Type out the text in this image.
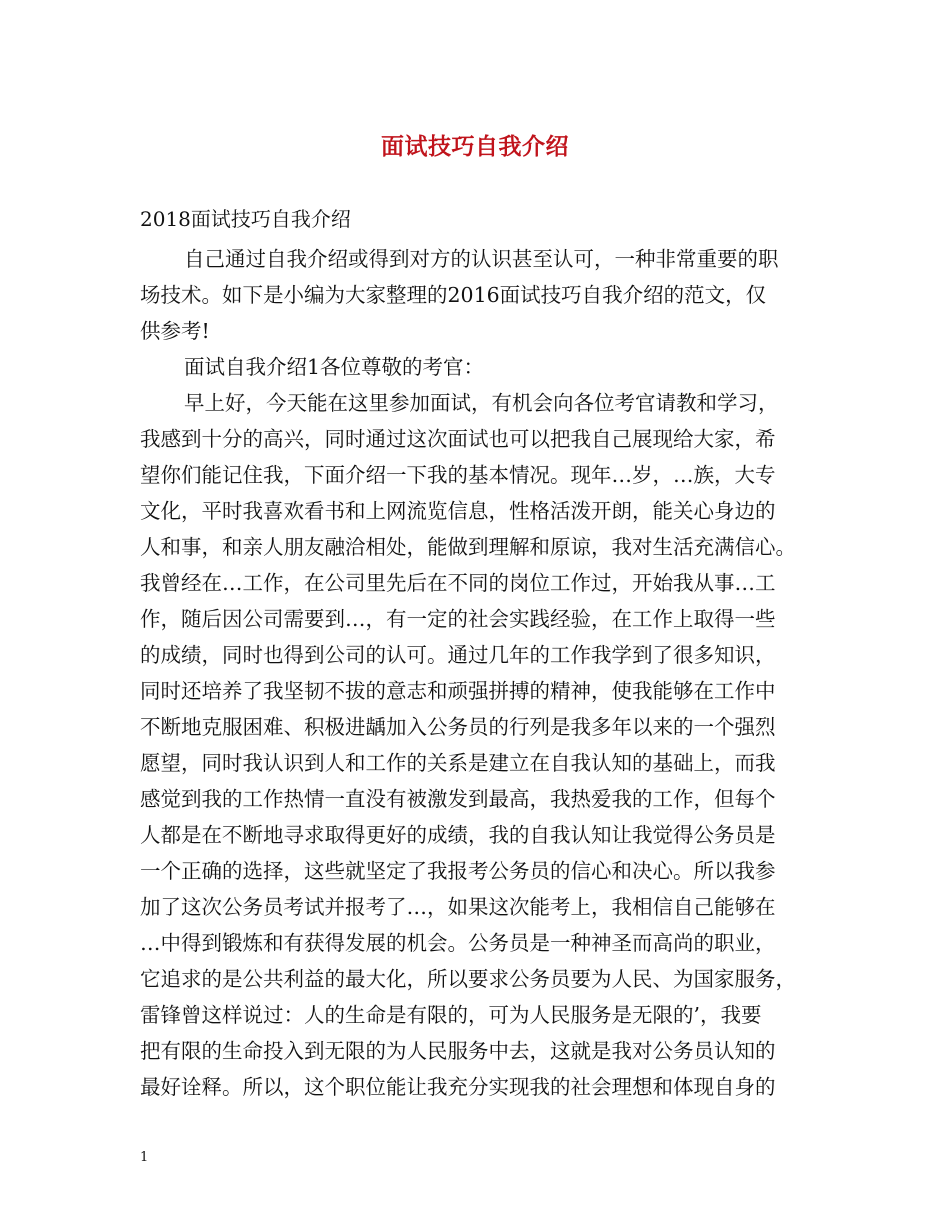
面试技巧自我介绍
2018面试技巧自我介绍
自己通过自我介绍或得到对方的认识甚至认可，一种非常重要的职
场技术。如下是小编为大家整理的2016面试技巧自我介绍的范文，仅
供参考!
面试自我介绍1各位尊敬的考官：
早上好，今天能在这里参加面试，有机会向各位考官请教和学习，
我感到十分的高兴，同时通过这次面试也可以把我自己展现给大家，希
望你们能记住我，下面介绍一下我的基本情况。现年…岁，…族，大专
文化，平时我喜欢看书和上网流览信息，性格活泼开朗，能关心身边的
人和事，和亲人朋友融洽相处，能做到理解和原谅，我对生活充满信心。
我曾经在…工作，在公司里先后在不同的岗位工作过，开始我从事…工
作，随后因公司需要到…，有一定的社会实践经验，在工作上取得一些
的成绩，同时也得到公司的认可。通过几年的工作我学到了很多知识，
同时还培养了我坚韧不拔的意志和顽强拼搏的精神，使我能够在工作中
不断地克服困难、积极进龋加入公务员的行列是我多年以来的一个强烈
愿望，同时我认识到人和工作的关系是建立在自我认知的基础上，而我
感觉到我的工作热情一直没有被激发到最高，我热爱我的工作，但每个
人都是在不断地寻求取得更好的成绩，我的自我认知让我觉得公务员是
一个正确的选择，这些就坚定了我报考公务员的信心和决心。所以我参
加了这次公务员考试并报考了…，如果这次能考上，我相信自己能够在
…中得到锻炼和有获得发展的机会。公务员是一种神圣而高尚的职业，
它追求的是公共利益的最大化，所以要求公务员要为人民、为国家服务，
雷锋曾这样说过：人的生命是有限的，可为人民服务是无限的’，我要
把有限的生命投入到无限的为人民服务中去，这就是我对公务员认知的
最好诠释。所以，这个职位能让我充分实现我的社会理想和体现自身的
1
